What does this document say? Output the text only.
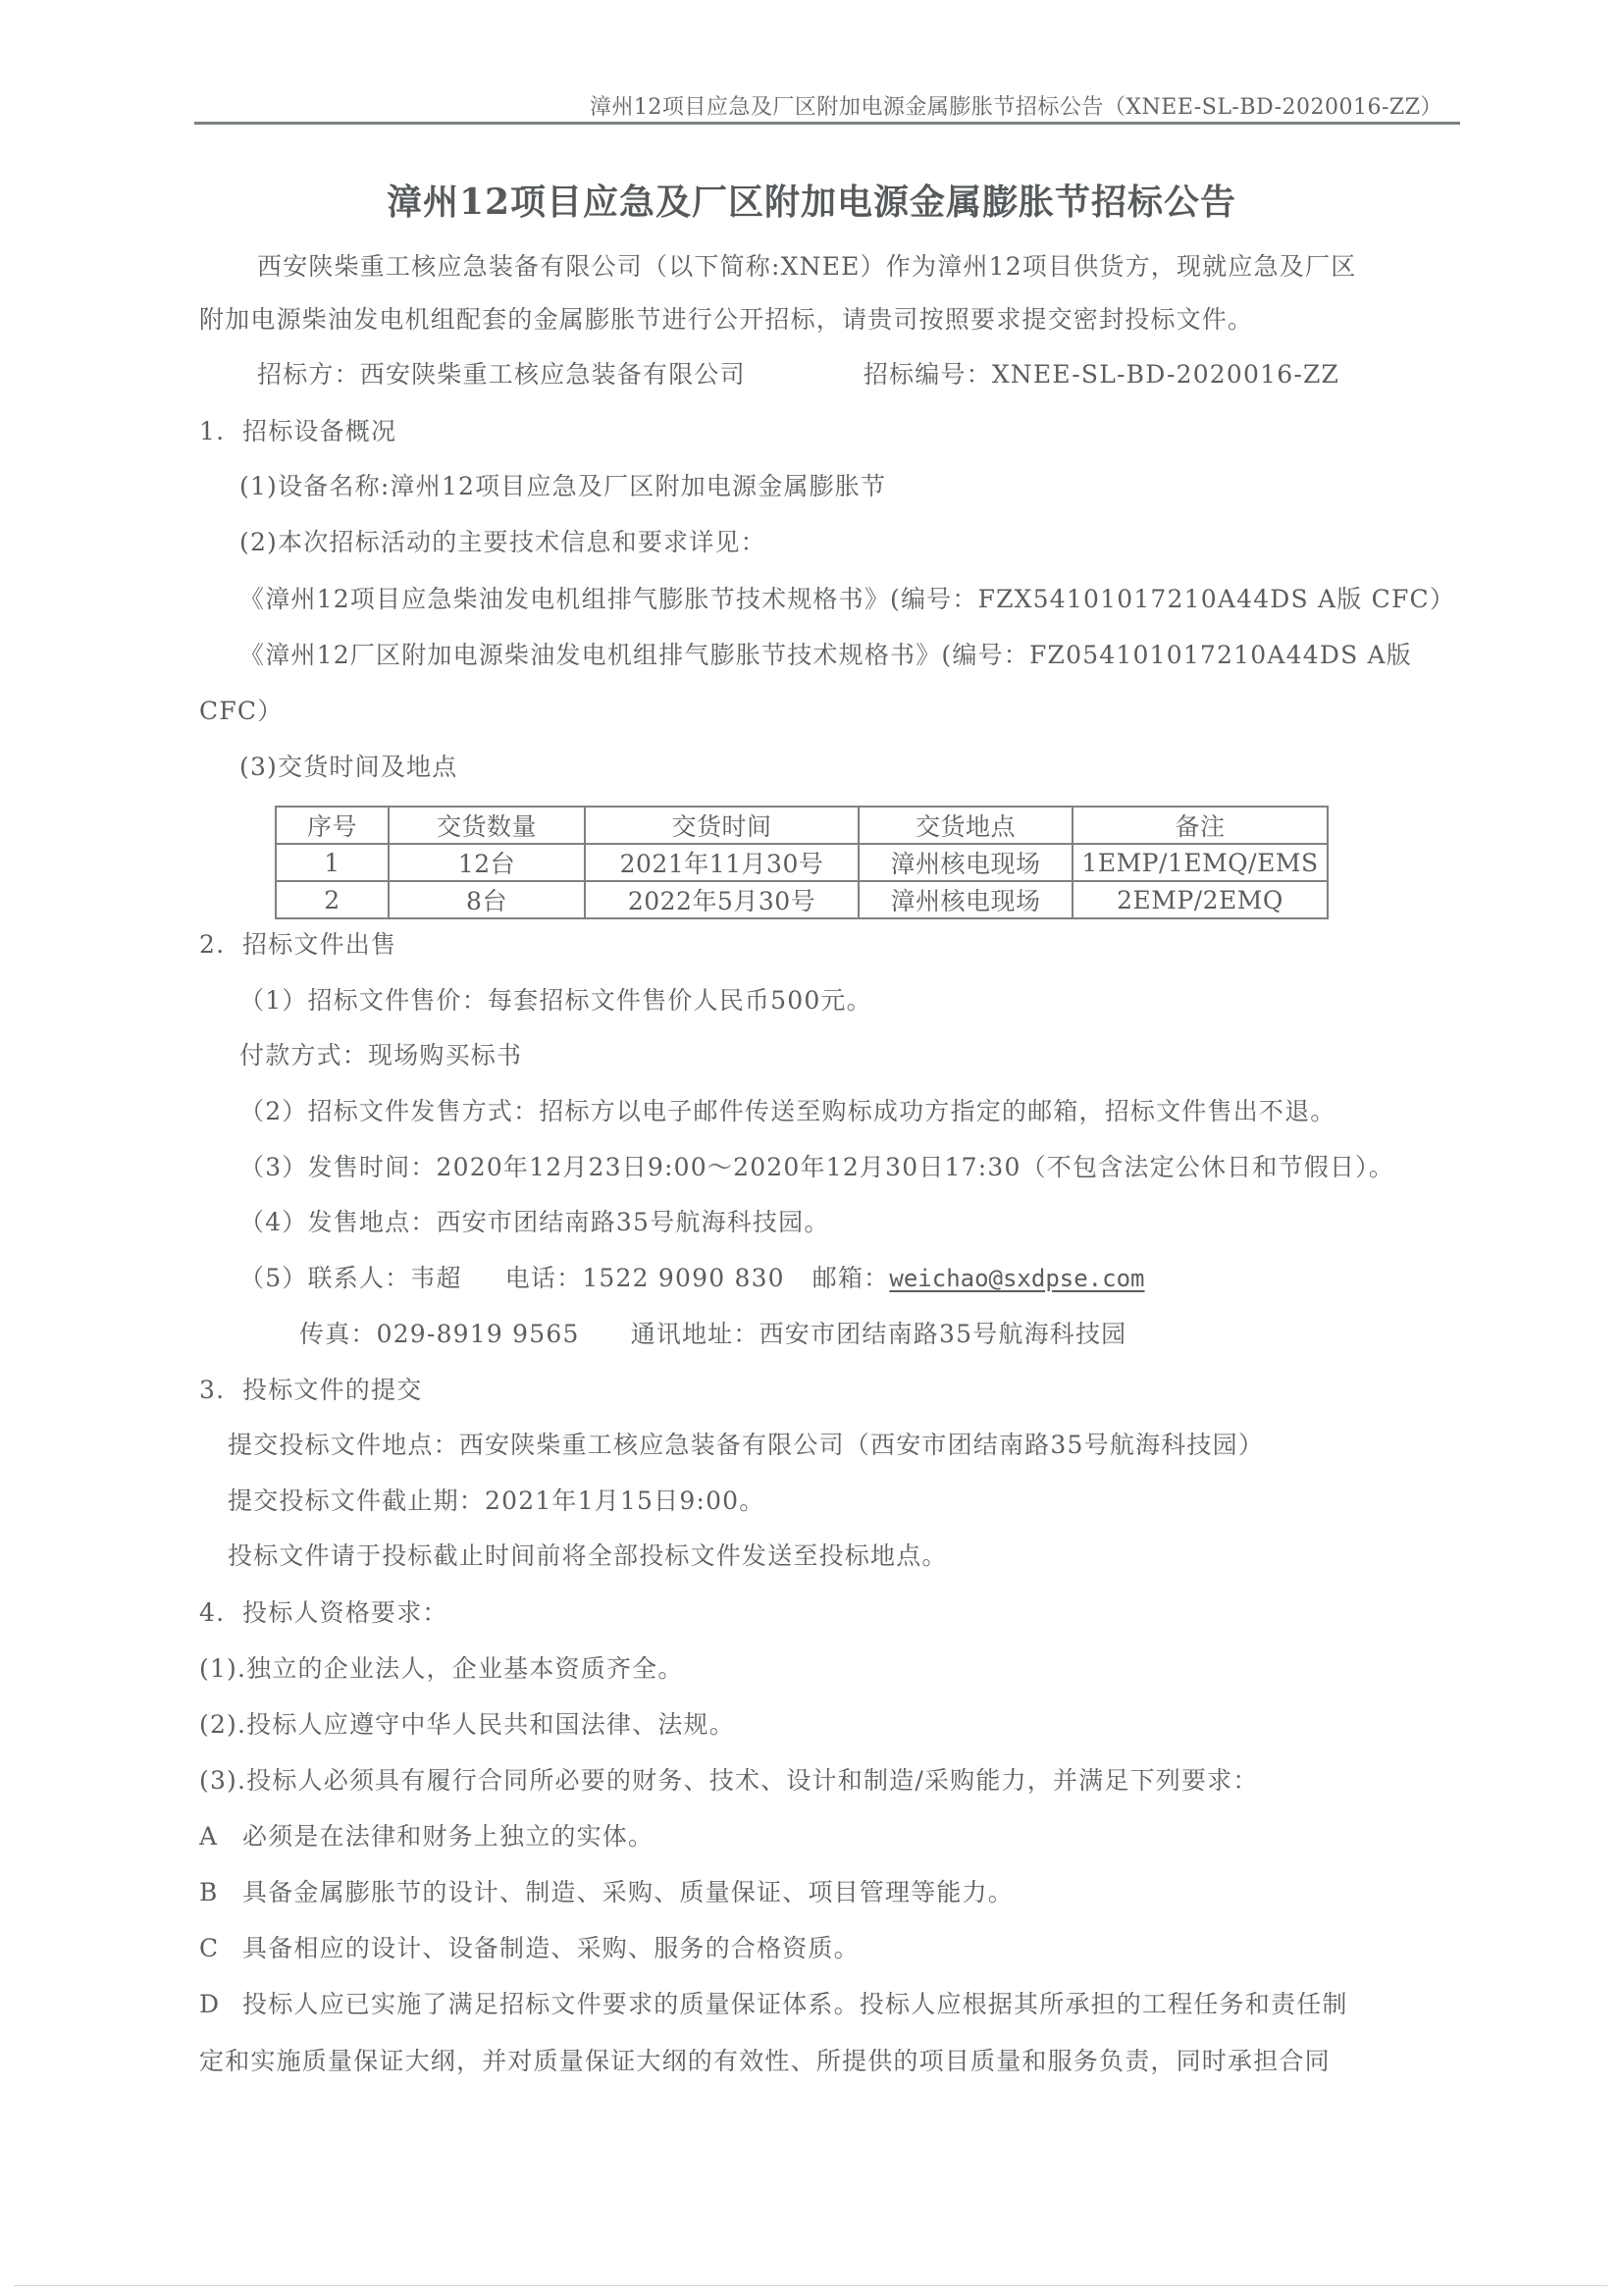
漳州12项目应急及厂区附加电源金属膨胀节招标公告（XNEE-SL-BD-2020016-ZZ）
漳州12项目应急及厂区附加电源金属膨胀节招标公告
西安陕柴重工核应急装备有限公司（以下简称:XNEE）作为漳州12项目供货方，现就应急及厂区
附加电源柴油发电机组配套的金属膨胀节进行公开招标，请贵司按照要求提交密封投标文件。
招标方：西安陕柴重工核应急装备有限公司	招标编号：XNEE-SL-BD-2020016-ZZ
1. 招标设备概况
(1)设备名称:漳州12项目应急及厂区附加电源金属膨胀节
(2)本次招标活动的主要技术信息和要求详见：
《漳州12项目应急柴油发电机组排气膨胀节技术规格书》(编号：FZX54101017210A44DS A版 CFC）
《漳州12厂区附加电源柴油发电机组排气膨胀节技术规格书》(编号：FZ054101017210A44DS A版
CFC）
(3)交货时间及地点
序号	交货数量	交货时间	交货地点	备注
1	12台	2021年11月30号	漳州核电现场	1EMP/1EMQ/EMS
2	8台	2022年5月30号	漳州核电现场	2EMP/2EMQ
2. 招标文件出售
（1）招标文件售价：每套招标文件售价人民币500元。
付款方式：现场购买标书
（2）招标文件发售方式：招标方以电子邮件传送至购标成功方指定的邮箱，招标文件售出不退。
（3）发售时间：2020年12月23日9:00～2020年12月30日17:30（不包含法定公休日和节假日）。
（4）发售地点：西安市团结南路35号航海科技园。
（5）联系人：韦超 电话：1522 9090 830 邮箱：weichao@sxdpse.com
传真：029-8919 9565 通讯地址：西安市团结南路35号航海科技园
3. 投标文件的提交
提交投标文件地点：西安陕柴重工核应急装备有限公司（西安市团结南路35号航海科技园）
提交投标文件截止期：2021年1月15日9:00。
投标文件请于投标截止时间前将全部投标文件发送至投标地点。
4. 投标人资格要求：
(1).独立的企业法人，企业基本资质齐全。
(2).投标人应遵守中华人民共和国法律、法规。
(3).投标人必须具有履行合同所必要的财务、技术、设计和制造/采购能力，并满足下列要求：
A 必须是在法律和财务上独立的实体。
B 具备金属膨胀节的设计、制造、采购、质量保证、项目管理等能力。
C 具备相应的设计、设备制造、采购、服务的合格资质。
D 投标人应已实施了满足招标文件要求的质量保证体系。投标人应根据其所承担的工程任务和责任制
定和实施质量保证大纲，并对质量保证大纲的有效性、所提供的项目质量和服务负责，同时承担合同
